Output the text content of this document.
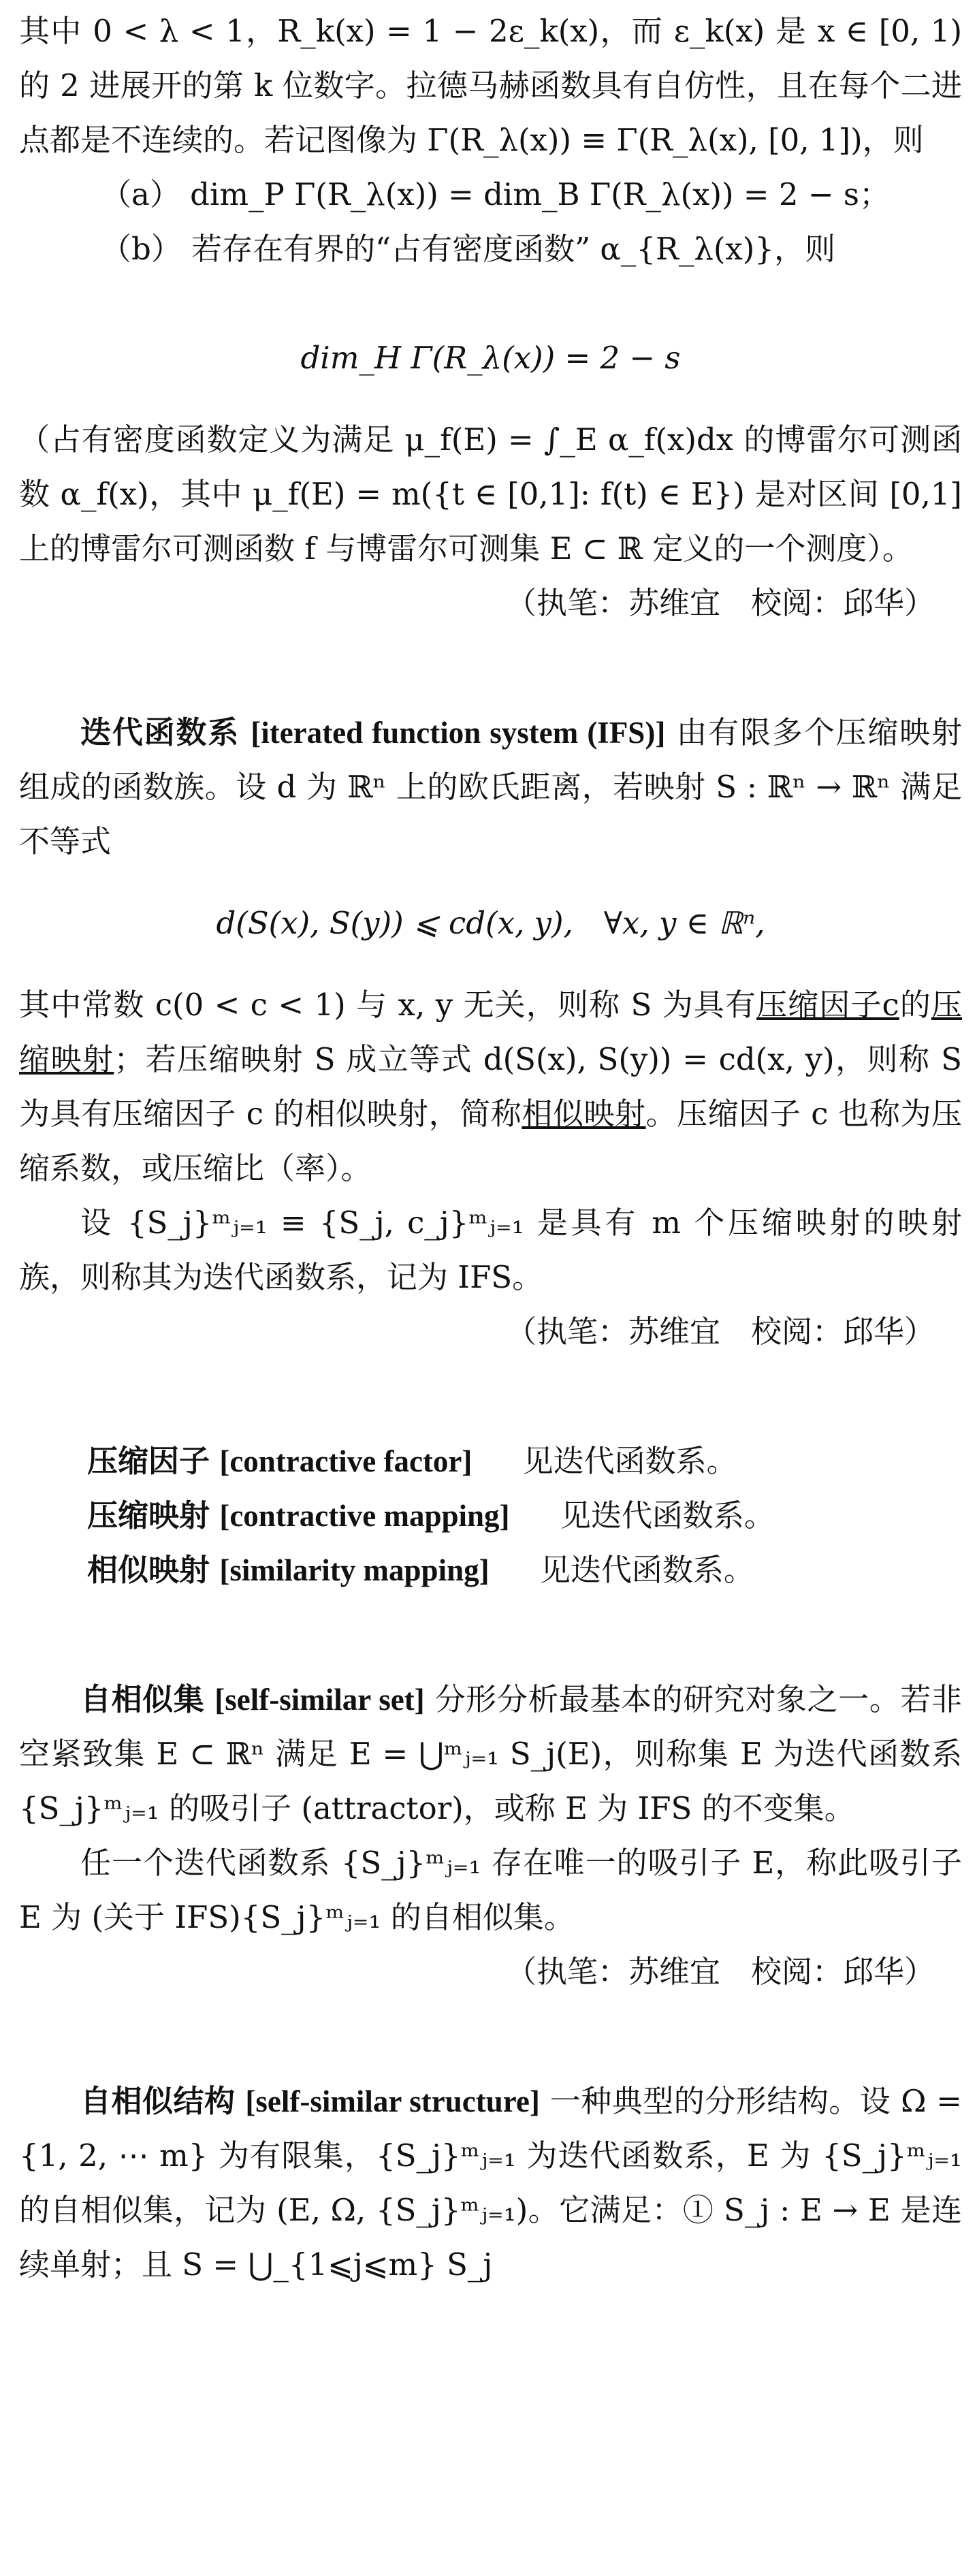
其中 0 < λ < 1，R_k(x) = 1 − 2ε_k(x)，而 ε_k(x) 是 x ∈ [0, 1) 的 2 进展开的第 k 位数字。拉德马赫函数具有自仿性，且在每个二进点都是不连续的。若记图像为 Γ(R_λ(x)) ≡ Γ(R_λ(x), [0, 1])，则

（a） dim_P Γ(R_λ(x)) = dim_B Γ(R_λ(x)) = 2 − s；

（b） 若存在有界的“占有密度函数” α_{R_λ(x)}，则

dim_H Γ(R_λ(x)) = 2 − s

（占有密度函数定义为满足 μ_f(E) = ∫_E α_f(x)dx 的博雷尔可测函数 α_f(x)，其中 μ_f(E) = m({t ∈ [0,1]: f(t) ∈ E}) 是对区间 [0,1] 上的博雷尔可测函数 f 与博雷尔可测集 E ⊂ ℝ 定义的一个测度）。

（执笔：苏维宜　校阅：邱华）

迭代函数系 [iterated function system (IFS)] 由有限多个压缩映射组成的函数族。设 d 为 ℝⁿ 上的欧氏距离，若映射 S : ℝⁿ → ℝⁿ 满足不等式

d(S(x), S(y)) ⩽ cd(x, y),　∀x, y ∈ ℝⁿ,

其中常数 c(0 < c < 1) 与 x, y 无关，则称 S 为具有压缩因子c的压缩映射；若压缩映射 S 成立等式 d(S(x), S(y)) = cd(x, y)，则称 S 为具有压缩因子 c 的相似映射，简称相似映射。压缩因子 c 也称为压缩系数，或压缩比（率）。

设 {S_j}ᵐⱼ₌₁ ≡ {S_j, c_j}ᵐⱼ₌₁ 是具有 m 个压缩映射的映射族，则称其为迭代函数系，记为 IFS。

（执笔：苏维宜　校阅：邱华）

压缩因子 [contractive factor] 见迭代函数系。

压缩映射 [contractive mapping] 见迭代函数系。

相似映射 [similarity mapping] 见迭代函数系。

自相似集 [self-similar set] 分形分析最基本的研究对象之一。若非空紧致集 E ⊂ ℝⁿ 满足 E = ⋃ᵐⱼ₌₁ S_j(E)，则称集 E 为迭代函数系 {S_j}ᵐⱼ₌₁ 的吸引子 (attractor)，或称 E 为 IFS 的不变集。

任一个迭代函数系 {S_j}ᵐⱼ₌₁ 存在唯一的吸引子 E，称此吸引子 E 为 (关于 IFS){S_j}ᵐⱼ₌₁ 的自相似集。

（执笔：苏维宜　校阅：邱华）

自相似结构 [self-similar structure] 一种典型的分形结构。设 Ω = {1, 2, ⋯ m} 为有限集，{S_j}ᵐⱼ₌₁ 为迭代函数系，E 为 {S_j}ᵐⱼ₌₁ 的自相似集，记为 (E, Ω, {S_j}ᵐⱼ₌₁)。它满足：① S_j : E → E 是连续单射；且 S = ⋃_{1⩽j⩽m} S_j
